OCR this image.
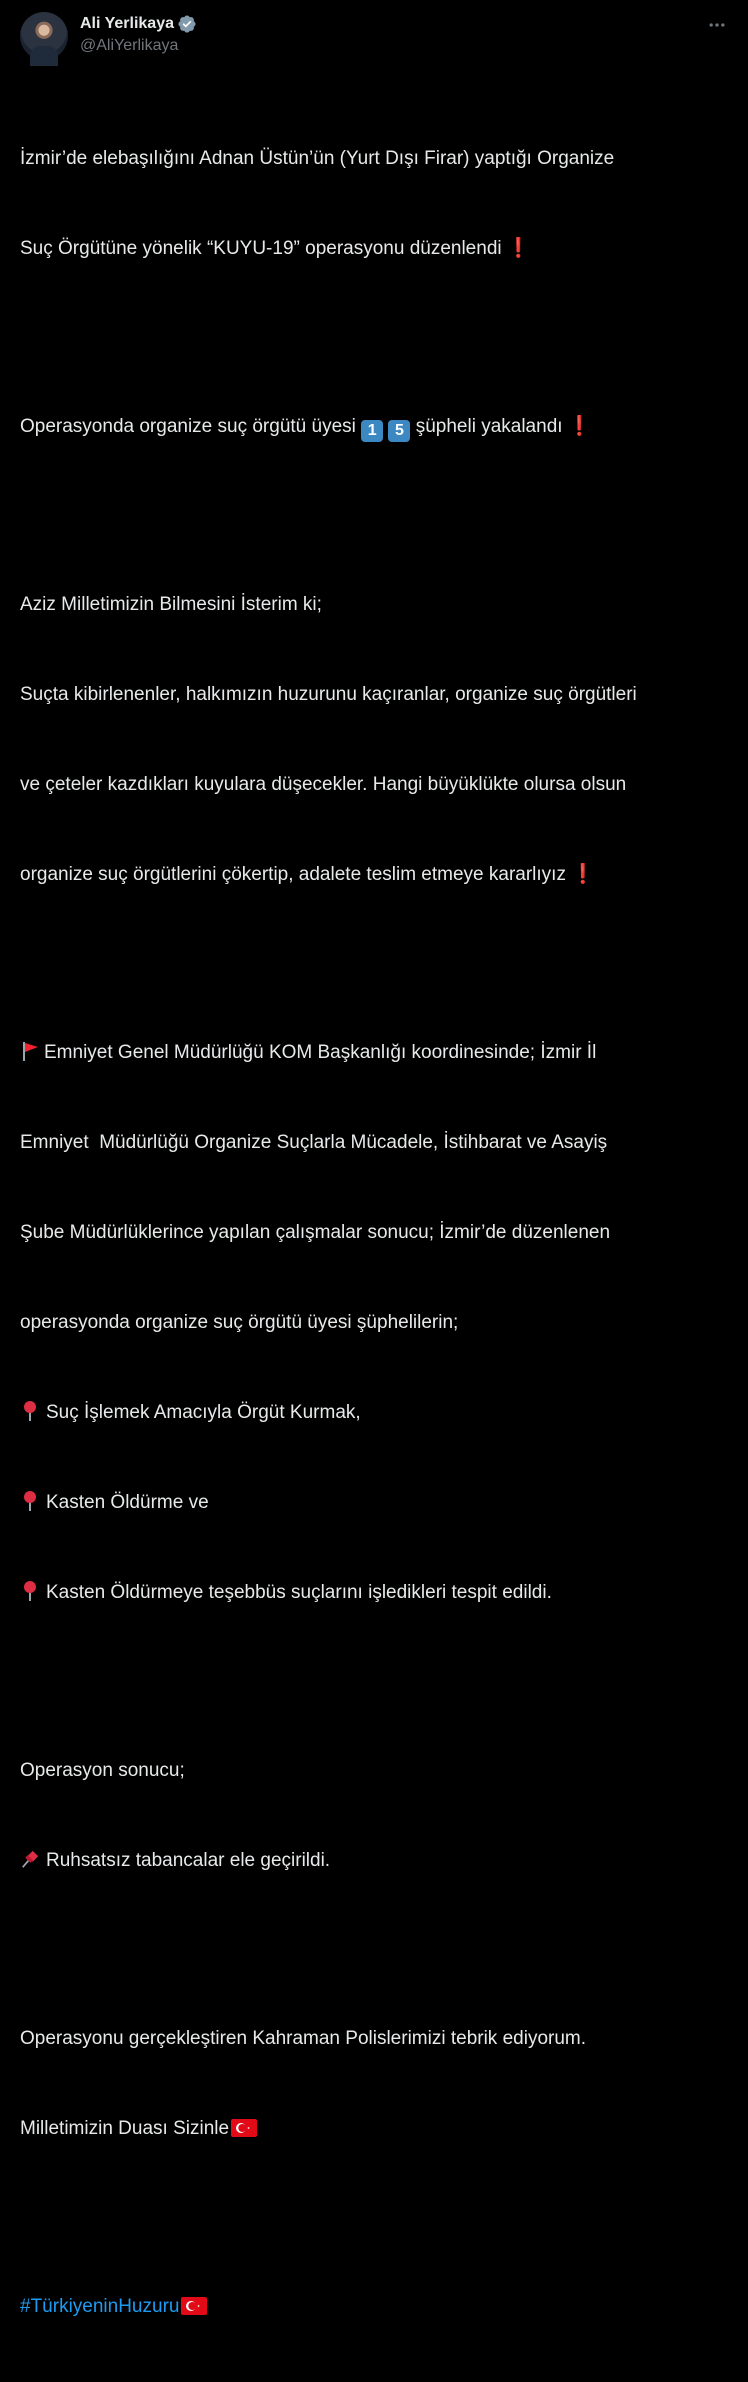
Ali Yerlikaya
@AliYerlikaya

İzmir’de elebaşılığını Adnan Üstün’ün (Yurt Dışı Firar) yaptığı Organize

Suç Örgütüne yönelik “KUYU-19” operasyonu düzenlendi ❗

Operasyonda organize suç örgütü üyesi 1 5 şüpheli yakalandı ❗

Aziz Milletimizin Bilmesini İsterim ki;

Suçta kibirlenenler, halkımızın huzurunu kaçıranlar, organize suç örgütleri

ve çeteler kazdıkları kuyulara düşecekler. Hangi büyüklükte olursa olsun

organize suç örgütlerini çökertip, adalete teslim etmeye kararlıyız ❗

Emniyet Genel Müdürlüğü KOM Başkanlığı koordinesinde; İzmir İl

Emniyet  Müdürlüğü Organize Suçlarla Mücadele, İstihbarat ve Asayiş

Şube Müdürlüklerince yapılan çalışmalar sonucu; İzmir’de düzenlenen

operasyonda organize suç örgütü üyesi şüphelilerin;

Suç İşlemek Amacıyla Örgüt Kurmak,

Kasten Öldürme ve

Kasten Öldürmeye teşebbüs suçlarını işledikleri tespit edildi.

Operasyon sonucu;

Ruhsatsız tabancalar ele geçirildi.

Operasyonu gerçekleştiren Kahraman Polislerimizi tebrik ediyorum.

Milletimizin Duası Sizinle

#TürkiyeninHuzuru
